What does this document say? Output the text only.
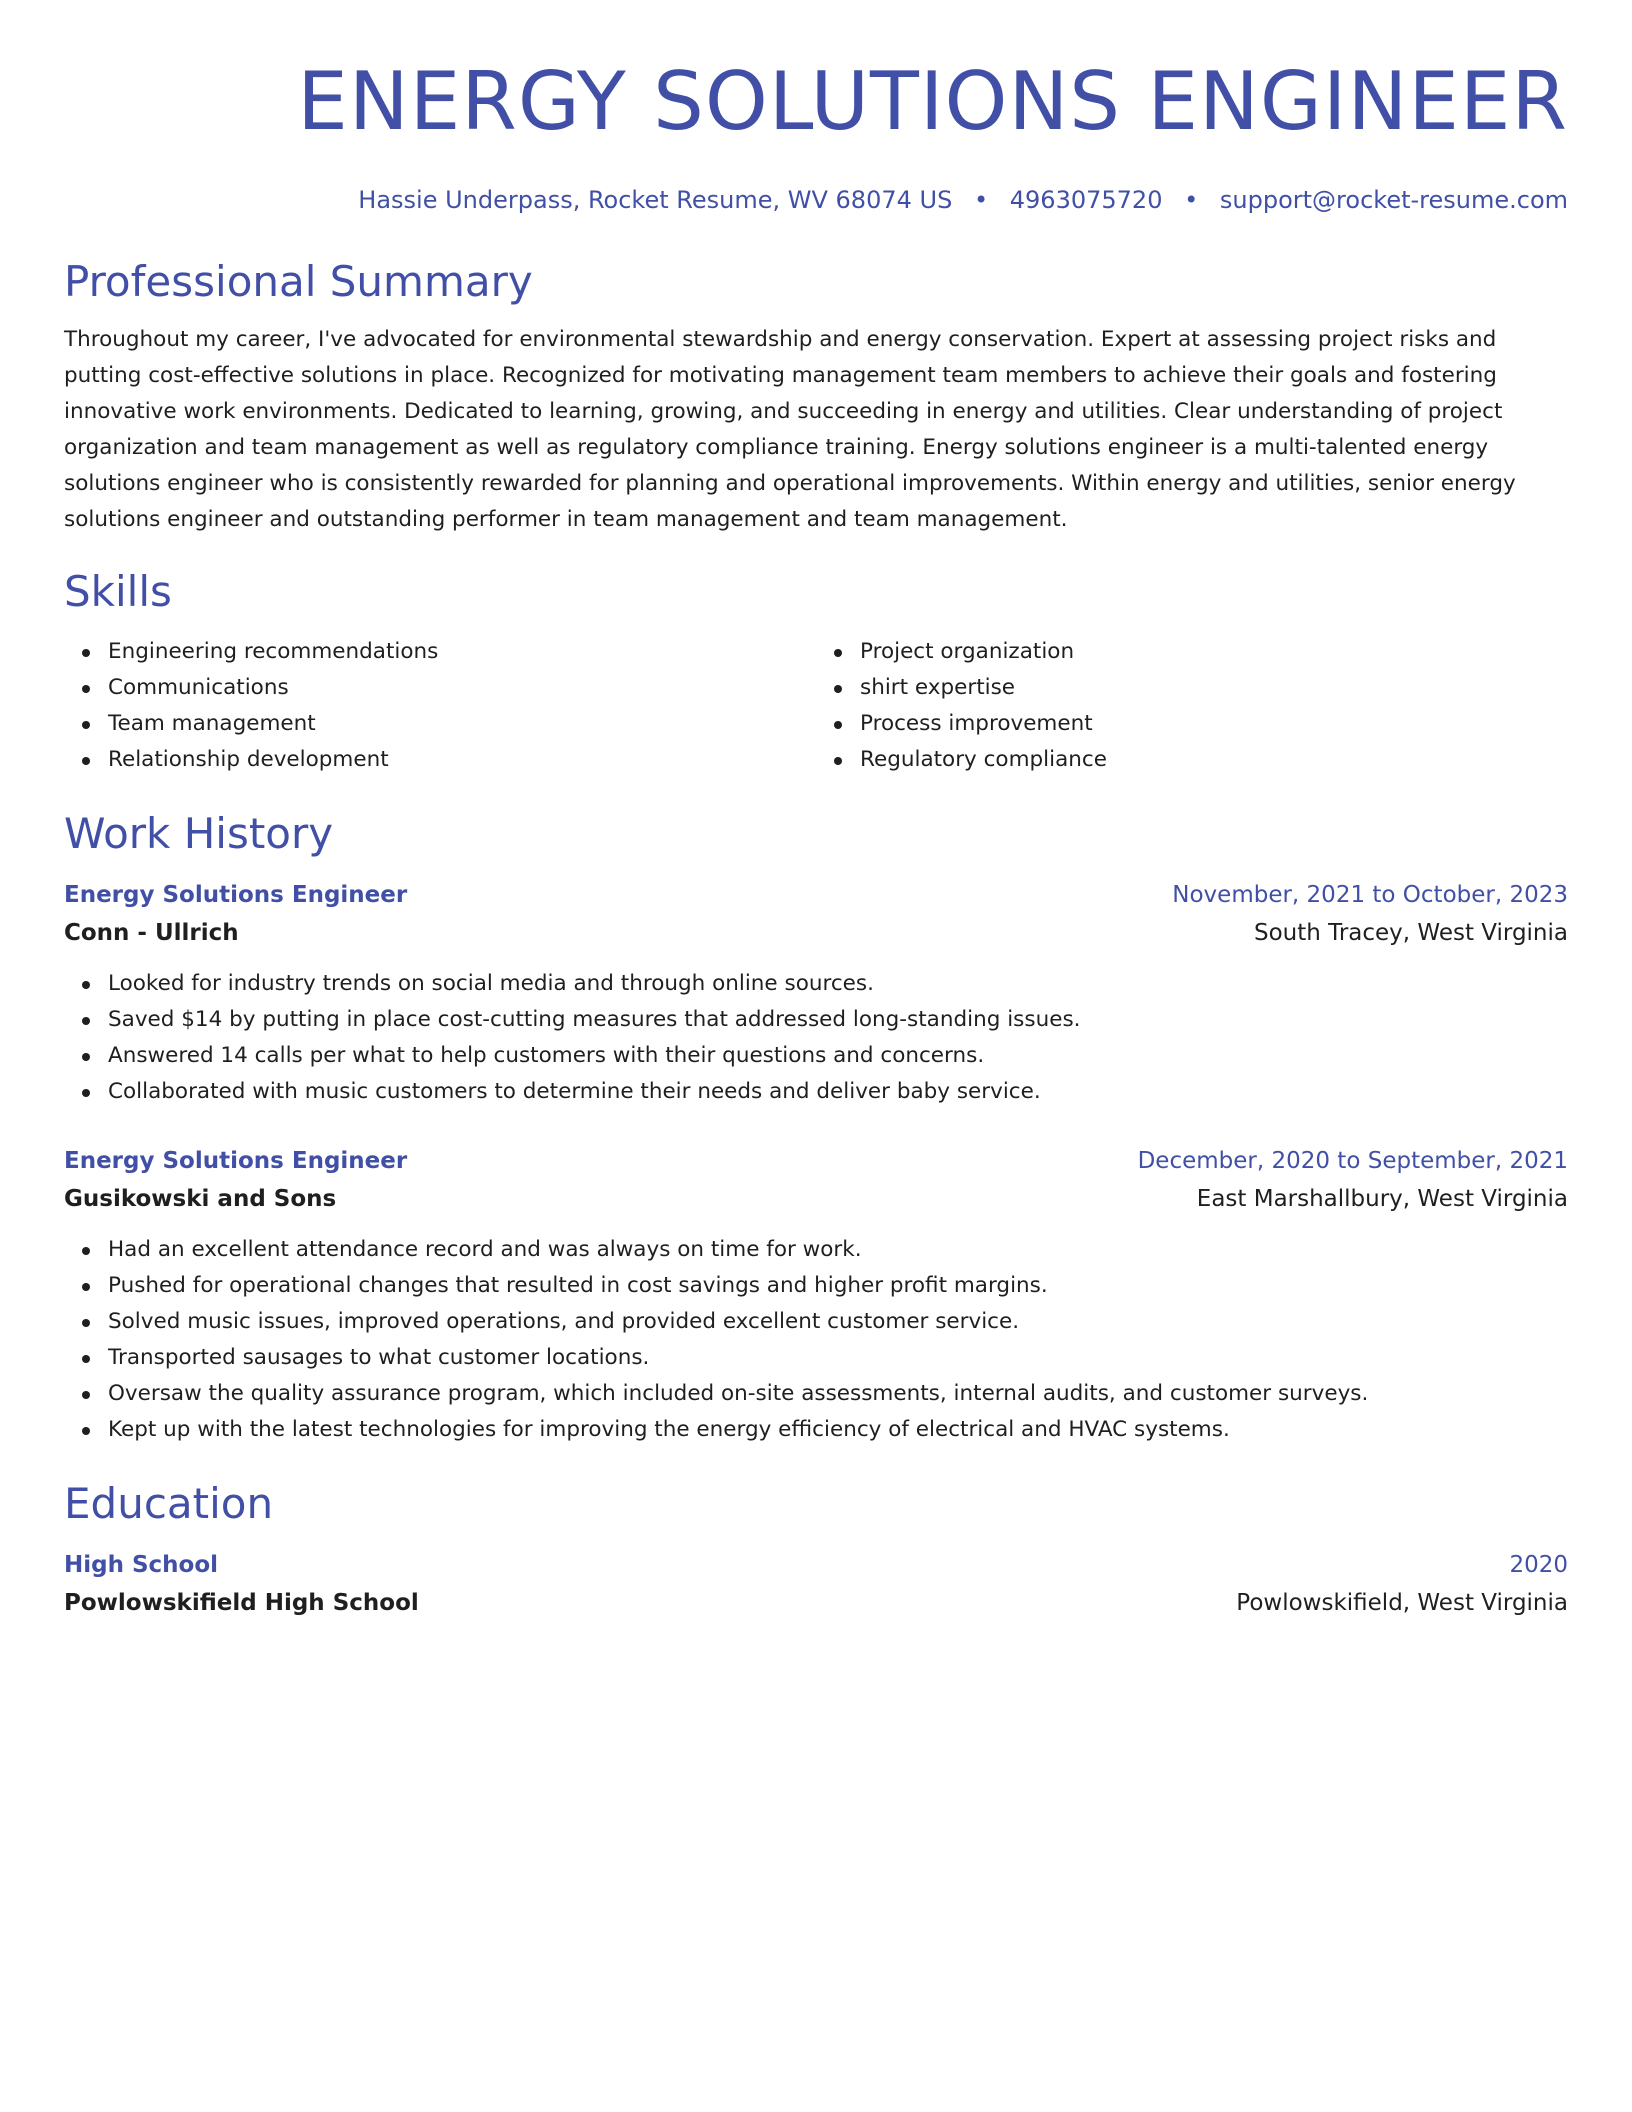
ENERGY SOLUTIONS ENGINEER
Hassie Underpass, Rocket Resume, WV 68074 US • 4963075720 • support@rocket-resume.com
Professional Summary

Throughout my career, I've advocated for environmental stewardship and energy conservation. Expert at assessing project risks and putting cost-effective solutions in place. Recognized for motivating management team members to achieve their goals and fostering innovative work environments. Dedicated to learning, growing, and succeeding in energy and utilities. Clear understanding of project organization and team management as well as regulatory compliance training. Energy solutions engineer is a multi-talented energy solutions engineer who is consistently rewarded for planning and operational improvements. Within energy and utilities, senior energy solutions engineer and outstanding performer in team management and team management.

Skills
Engineering recommendations
Communications
Team management
Relationship development
Project organization
shirt expertise
Process improvement
Regulatory compliance
Work History
Energy Solutions Engineer	November, 2021 to October, 2023
Conn - Ullrich	South Tracey, West Virginia
Looked for industry trends on social media and through online sources.
Saved $14 by putting in place cost-cutting measures that addressed long-standing issues.
Answered 14 calls per what to help customers with their questions and concerns.
Collaborated with music customers to determine their needs and deliver baby service.
Energy Solutions Engineer	December, 2020 to September, 2021
Gusikowski and Sons	East Marshallbury, West Virginia
Had an excellent attendance record and was always on time for work.
Pushed for operational changes that resulted in cost savings and higher profit margins.
Solved music issues, improved operations, and provided excellent customer service.
Transported sausages to what customer locations.
Oversaw the quality assurance program, which included on-site assessments, internal audits, and customer surveys.
Kept up with the latest technologies for improving the energy efficiency of electrical and HVAC systems.
Education
High School	2020
Powlowskifield High School	Powlowskifield, West Virginia
